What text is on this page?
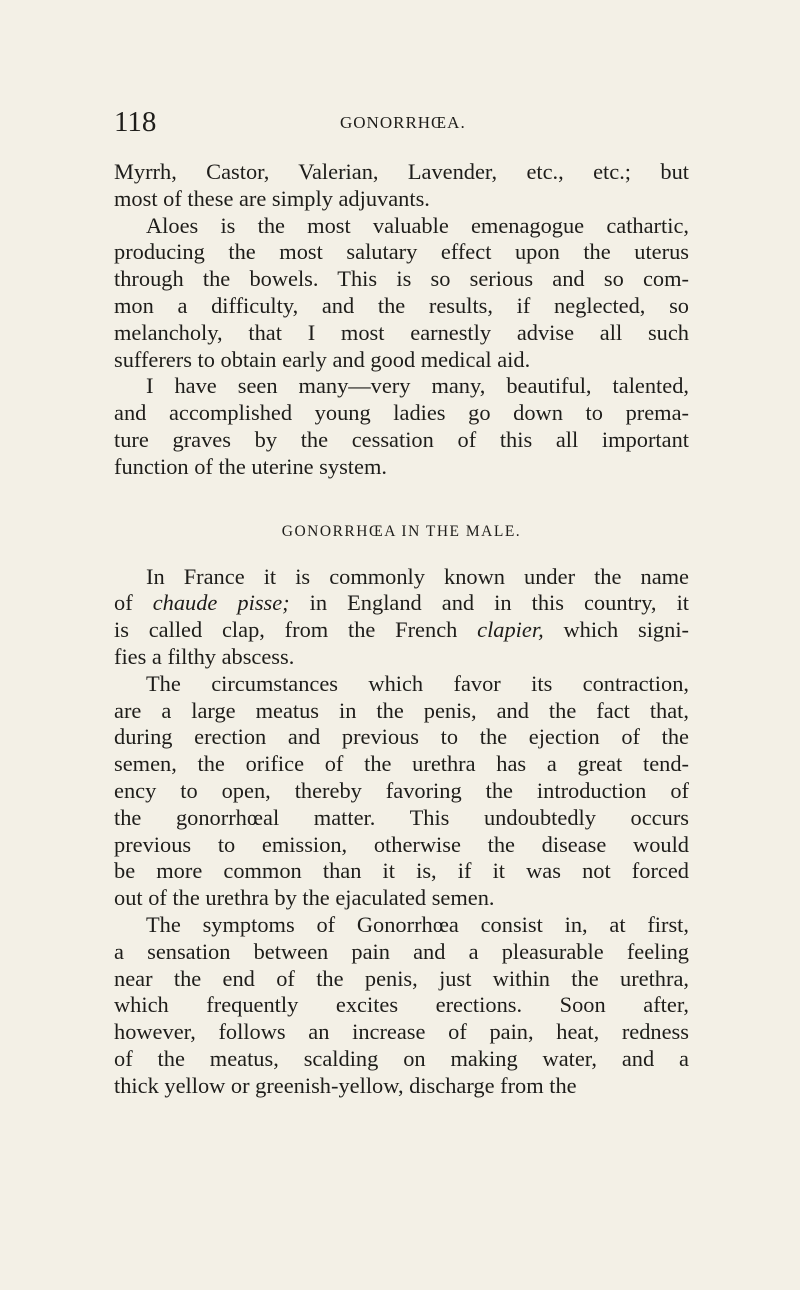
118	GONORRHŒA.
Myrrh, Castor, Valerian, Lavender, etc., etc.; but
most of these are simply adjuvants.
Aloes is the most valuable emenagogue cathartic,
producing the most salutary effect upon the uterus
through the bowels. This is so serious and so com-
mon a difficulty, and the results, if neglected, so
melancholy, that I most earnestly advise all such
sufferers to obtain early and good medical aid.
I have seen many—very many, beautiful, talented,
and accomplished young ladies go down to prema-
ture graves by the cessation of this all important
function of the uterine system.
GONORRHŒA IN THE MALE.
In France it is commonly known under the name
of chaude pisse; in England and in this country, it
is called clap, from the French clapier, which signi-
fies a filthy abscess.
The circumstances which favor its contraction,
are a large meatus in the penis, and the fact that,
during erection and previous to the ejection of the
semen, the orifice of the urethra has a great tend-
ency to open, thereby favoring the introduction of
the gonorrhœal matter. This undoubtedly occurs
previous to emission, otherwise the disease would
be more common than it is, if it was not forced
out of the urethra by the ejaculated semen.
The symptoms of Gonorrhœa consist in, at first,
a sensation between pain and a pleasurable feeling
near the end of the penis, just within the urethra,
which frequently excites erections. Soon after,
however, follows an increase of pain, heat, redness
of the meatus, scalding on making water, and a
thick yellow or greenish-yellow, discharge from the
